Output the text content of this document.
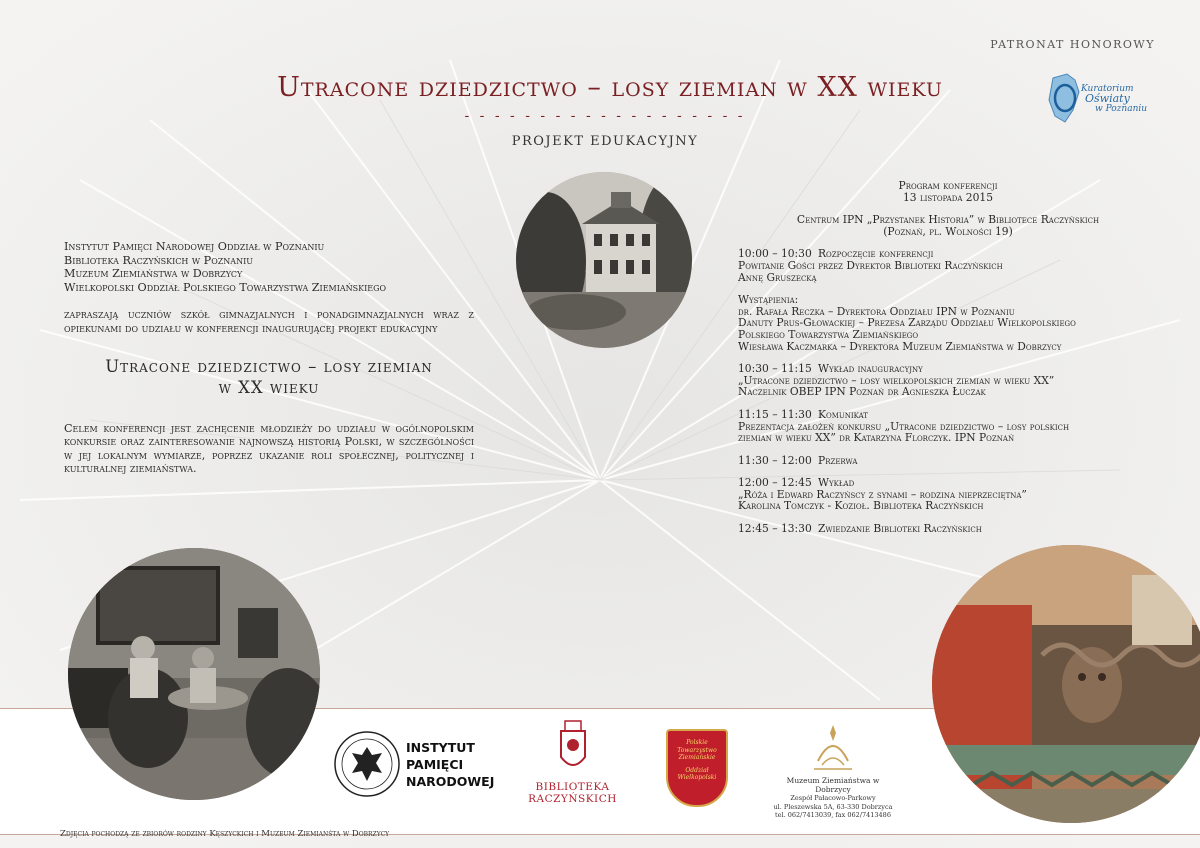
PATRONAT HONOROWY
Kuratorium
Oświaty
w Poznaniu
Utracone dziedzictwo – losy ziemian w XX wieku
- - - - - - - - - - - - - - - - - - -
PROJEKT EDUKACYJNY
Instytut Pamięci Narodowej Oddział w Poznaniu
Biblioteka Raczyńskich w Poznaniu
Muzeum Ziemiaństwa w Dobrzycy
Wielkopolski Oddział Polskiego Towarzystwa Ziemiańskiego
zapraszają uczniów szkół gimnazjalnych i ponadgimnazjalnych wraz z opiekunami do udziału w konferencji inaugurującej projekt edukacyjny
Utracone dziedzictwo – losy ziemian
w XX wieku
Celem konferencji jest zachęcenie młodzieży do udziału w ogólnopolskim konkursie oraz zainteresowanie najnowszą historią Polski, w szczególności w jej lokalnym wymiarze, poprzez ukazanie roli społecznej, politycznej i kulturalnej ziemiaństwa.
Program konferencji
13 listopada 2015
Centrum IPN „Przystanek Historia” w Bibliotece Raczyńskich
(Poznań, pl. Wolności 19)
10:00 – 10:30 Rozpoczęcie konferencji
Powitanie Gości przez Dyrektor Biblioteki Raczyńskich
Annę Gruszecką
Wystąpienia:
dr. Rafała Reczka – Dyrektora Oddziału IPN w Poznaniu
Danuty Prus-Głowackiej – Prezesa Zarządu Oddziału Wielkopolskiego
Polskiego Towarzystwa Ziemiańskiego
Wiesława Kaczmarka – Dyrektora Muzeum Ziemiaństwa w Dobrzycy
10:30 – 11:15 Wykład inauguracyjny
„Utracone dziedzictwo – losy wielkopolskich ziemian w wieku XX”
Naczelnik OBEP IPN Poznań dr Agnieszka Łuczak
11:15 – 11:30 Komunikat
Prezentacja założeń konkursu „Utracone dziedzictwo – losy polskich
ziemian w wieku XX” dr Katarzyna Florczyk. IPN Poznań
11:30 – 12:00 Przerwa
12:00 – 12:45 Wykład
„Róża i Edward Raczyńscy z synami – rodzina nieprzeciętna”
Karolina Tomczyk - Kozioł. Biblioteka Raczyńskich
12:45 – 13:30 Zwiedzanie Biblioteki Raczyńskich
INSTYTUT
PAMIĘCI
NARODOWEJ	BIBLIOTEKA
RACZYŃSKICH
Polskie
Towarzystwo
Ziemiańskie
Oddział
Wielkopolski	Muzeum Ziemiaństwa w Dobrzycy
Zespół Pałacowo-Parkowy
ul. Pleszewska 5A, 63-330 Dobrzyca
tel. 062/7413039, fax 062/7413486
Zdjęcia pochodzą ze zbiorów rodziny Kęszyckich i Muzeum Ziemianśta w Dobrzycy
